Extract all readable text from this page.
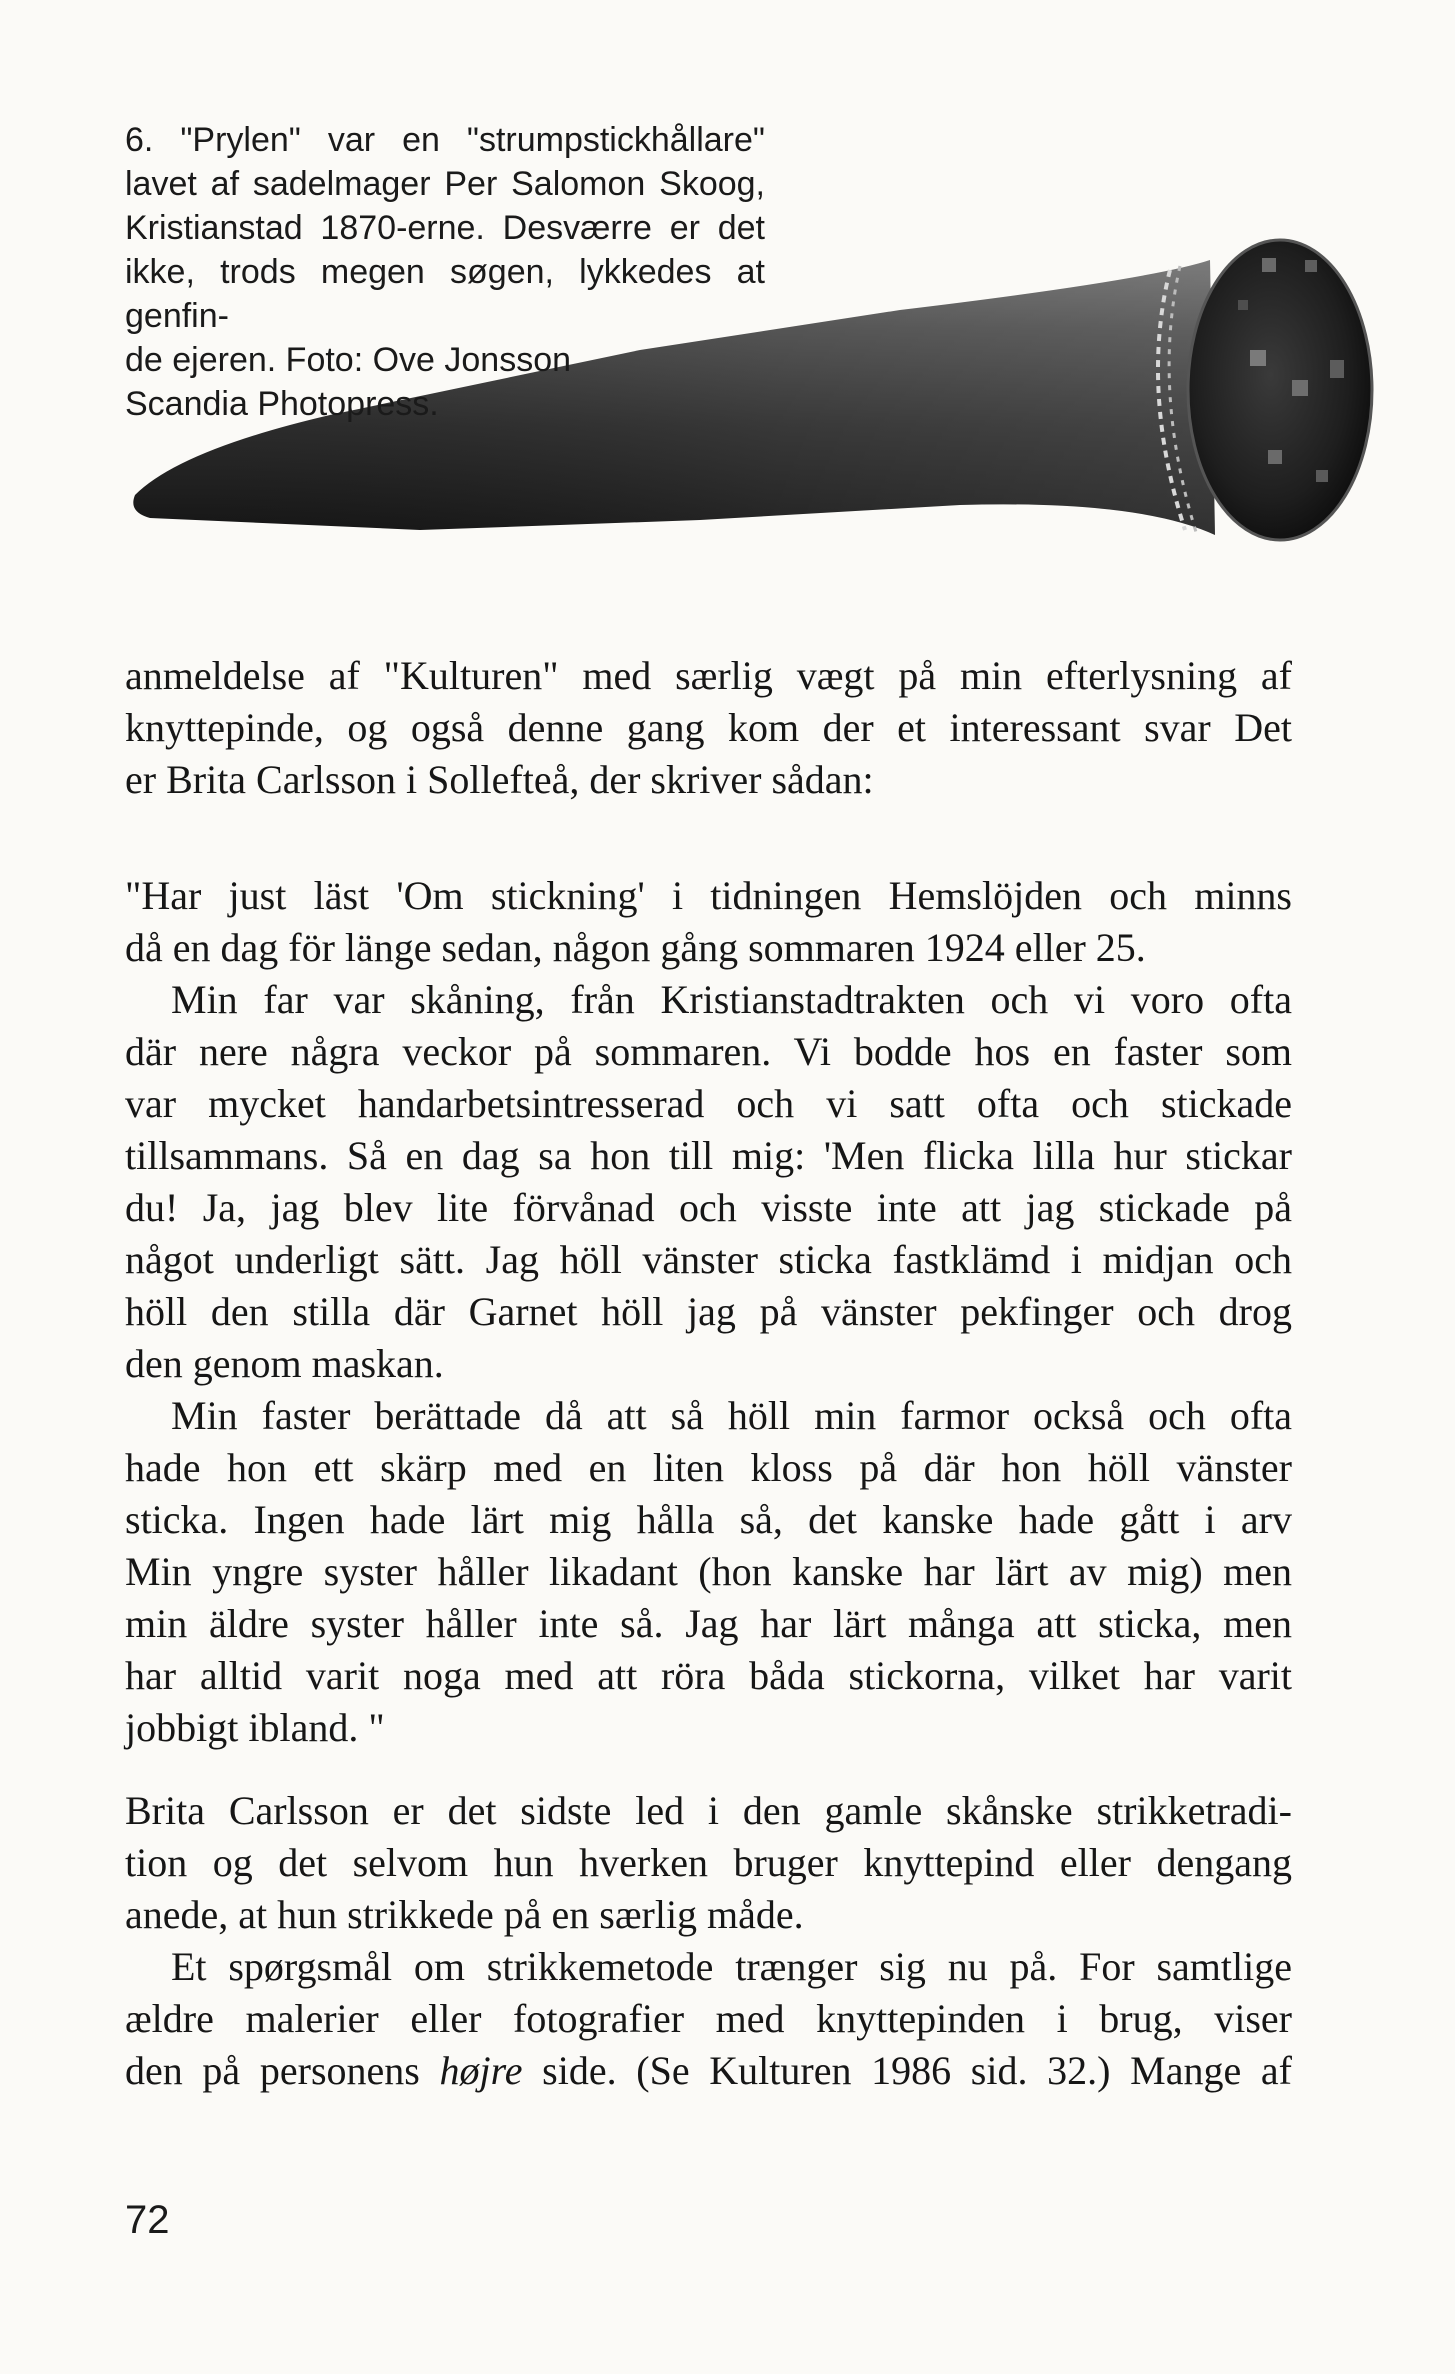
6. "Prylen" var en "strumpstickhållare"
lavet af sadelmager Per Salomon Skoog,
Kristianstad 1870-erne. Desværre er det
ikke, trods megen søgen, lykkedes at genfin-
de ejeren. Foto: Ove Jonsson
Scandia Photopress.
anmeldelse af "Kulturen" med særlig vægt på min efterlysning af
knyttepinde, og også denne gang kom der et interessant svar Det
er Brita Carlsson i Sollefteå, der skriver sådan:
"Har just läst 'Om stickning' i tidningen Hemslöjden och minns
då en dag för länge sedan, någon gång sommaren 1924 eller 25.
Min far var skåning, från Kristianstadtrakten och vi voro ofta
där nere några veckor på sommaren. Vi bodde hos en faster som
var mycket handarbetsintresserad och vi satt ofta och stickade
tillsammans. Så en dag sa hon till mig: 'Men flicka lilla hur stickar
du! Ja, jag blev lite förvånad och visste inte att jag stickade på
något underligt sätt. Jag höll vänster sticka fastklämd i midjan och
höll den stilla där Garnet höll jag på vänster pekfinger och drog
den genom maskan.
Min faster berättade då att så höll min farmor också och ofta
hade hon ett skärp med en liten kloss på där hon höll vänster
sticka. Ingen hade lärt mig hålla så, det kanske hade gått i arv
Min yngre syster håller likadant (hon kanske har lärt av mig) men
min äldre syster håller inte så. Jag har lärt många att sticka, men
har alltid varit noga med att röra båda stickorna, vilket har varit
jobbigt ibland. "
Brita Carlsson er det sidste led i den gamle skånske strikketradi-
tion og det selvom hun hverken bruger knyttepind eller dengang
anede, at hun strikkede på en særlig måde.
Et spørgsmål om strikkemetode trænger sig nu på. For samtlige
ældre malerier eller fotografier med knyttepinden i brug, viser
den på personens højre side. (Se Kulturen 1986 sid. 32.) Mange af
72
